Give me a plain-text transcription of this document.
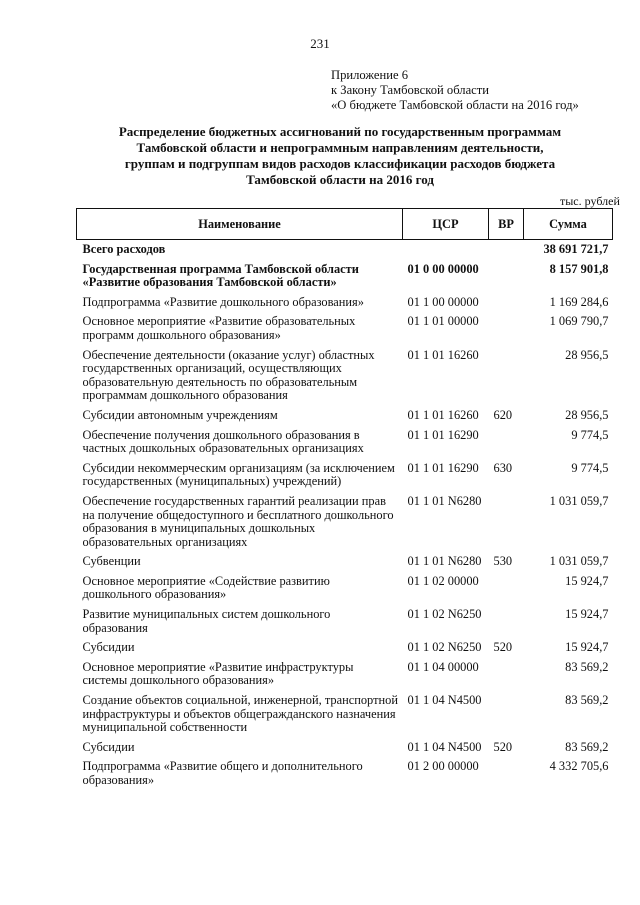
231
Приложение 6
к Закону Тамбовской области
«О бюджете Тамбовской области на 2016 год»
Распределение бюджетных ассигнований по государственным программам
Тамбовской области и непрограммным направлениям деятельности,
группам и подгруппам видов расходов классификации расходов бюджета
Тамбовской области на 2016 год
тыс. рублей
Наименование	ЦСР	ВР	Сумма
Всего расходов			38 691 721,7
Государственная программа Тамбовской области «Развитие образования Тамбовской области»	01 0 00 00000		8 157 901,8
Подпрограмма «Развитие дошкольного образования»	01 1 00 00000		1 169 284,6
Основное мероприятие «Развитие образовательных программ дошкольного образования»	01 1 01 00000		1 069 790,7
Обеспечение деятельности (оказание услуг) областных государственных организаций, осуществляющих образовательную деятельность по образовательным программам дошкольного образования	01 1 01 16260		28 956,5
Субсидии автономным учреждениям	01 1 01 16260	620	28 956,5
Обеспечение получения дошкольного образования в частных дошкольных образовательных организациях	01 1 01 16290		9 774,5
Субсидии некоммерческим организациям (за исключением государственных (муниципальных) учреждений)	01 1 01 16290	630	9 774,5
Обеспечение государственных гарантий реализации прав на получение общедоступного и бесплатного дошкольного образования в муниципальных дошкольных образовательных организациях	01 1 01 N6280		1 031 059,7
Субвенции	01 1 01 N6280	530	1 031 059,7
Основное мероприятие «Содействие развитию дошкольного образования»	01 1 02 00000		15 924,7
Развитие муниципальных систем дошкольного образования	01 1 02 N6250		15 924,7
Субсидии	01 1 02 N6250	520	15 924,7
Основное мероприятие «Развитие инфраструктуры системы дошкольного образования»	01 1 04 00000		83 569,2
Создание объектов социальной, инженерной, транспортной инфраструктуры и объектов общегражданского назначения муниципальной собственности	01 1 04 N4500		83 569,2
Субсидии	01 1 04 N4500	520	83 569,2
Подпрограмма «Развитие общего и дополнительного образования»	01 2 00 00000		4 332 705,6
